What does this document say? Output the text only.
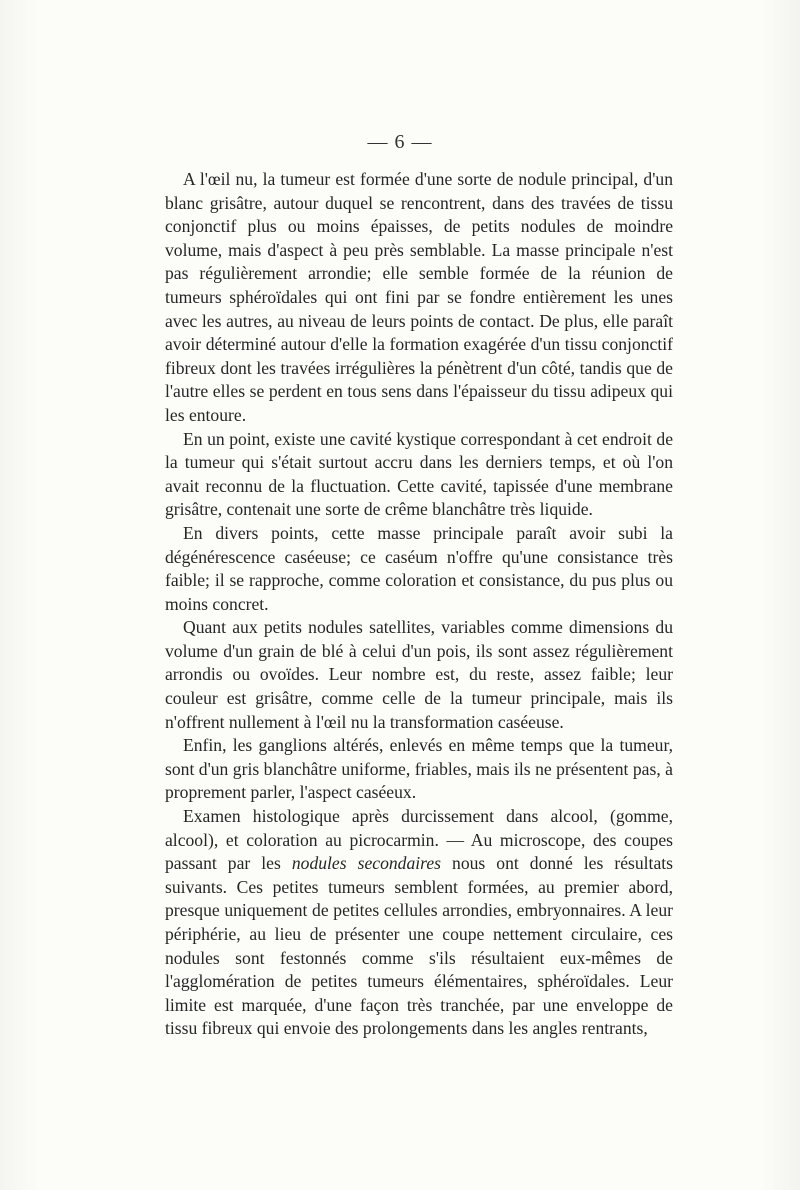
— 6 —

A l'œil nu, la tumeur est formée d'une sorte de nodule principal, d'un blanc grisâtre, autour duquel se rencontrent, dans des travées de tissu conjonctif plus ou moins épaisses, de petits nodules de moindre volume, mais d'aspect à peu près semblable. La masse principale n'est pas régulièrement arrondie; elle semble formée de la réunion de tumeurs sphéroïdales qui ont fini par se fondre entièrement les unes avec les autres, au niveau de leurs points de contact. De plus, elle paraît avoir déterminé autour d'elle la formation exagérée d'un tissu conjonctif fibreux dont les travées irrégulières la pénètrent d'un côté, tandis que de l'autre elles se perdent en tous sens dans l'épaisseur du tissu adipeux qui les entoure.

En un point, existe une cavité kystique correspondant à cet endroit de la tumeur qui s'était surtout accru dans les derniers temps, et où l'on avait reconnu de la fluctuation. Cette cavité, tapissée d'une membrane grisâtre, contenait une sorte de crême blanchâtre très liquide.

En divers points, cette masse principale paraît avoir subi la dégénérescence caséeuse; ce caséum n'offre qu'une consistance très faible; il se rapproche, comme coloration et consistance, du pus plus ou moins concret.

Quant aux petits nodules satellites, variables comme dimensions du volume d'un grain de blé à celui d'un pois, ils sont assez régulièrement arrondis ou ovoïdes. Leur nombre est, du reste, assez faible; leur couleur est grisâtre, comme celle de la tumeur principale, mais ils n'offrent nullement à l'œil nu la transformation caséeuse.

Enfin, les ganglions altérés, enlevés en même temps que la tumeur, sont d'un gris blanchâtre uniforme, friables, mais ils ne présentent pas, à proprement parler, l'aspect caséeux.

Examen histologique après durcissement dans alcool, (gomme, alcool), et coloration au picrocarmin. — Au microscope, des coupes passant par les nodules secondaires nous ont donné les résultats suivants. Ces petites tumeurs semblent formées, au premier abord, presque uniquement de petites cellules arrondies, embryonnaires. A leur périphérie, au lieu de présenter une coupe nettement circulaire, ces nodules sont festonnés comme s'ils résultaient eux-mêmes de l'agglomération de petites tumeurs élémentaires, sphéroïdales. Leur limite est marquée, d'une façon très tranchée, par une enveloppe de tissu fibreux qui envoie des prolongements dans les angles rentrants,
